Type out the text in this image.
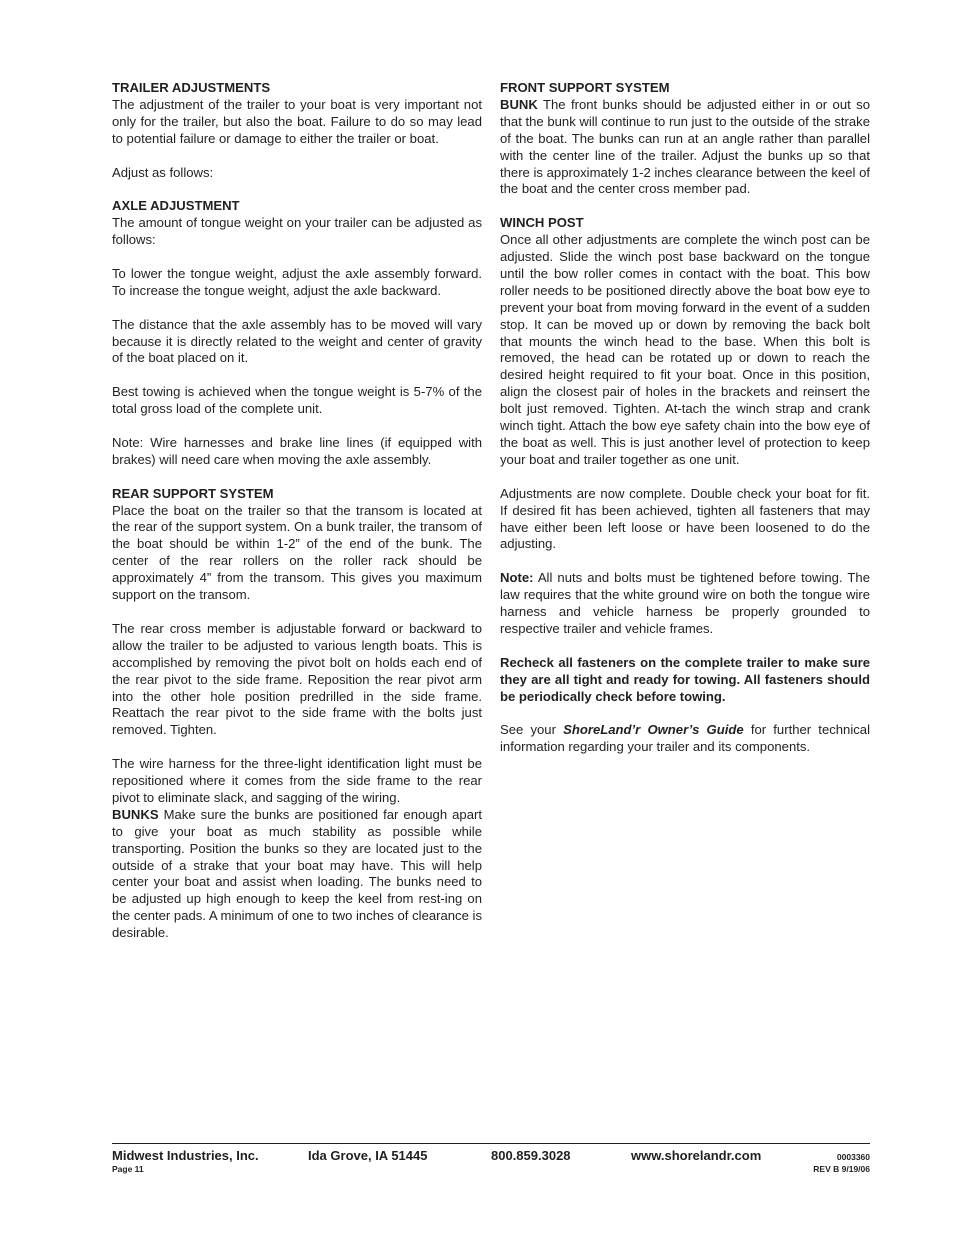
TRAILER ADJUSTMENTS

The adjustment of the trailer to your boat is very important not only for the trailer, but also the boat. Failure to do so may lead to potential failure or damage to either the trailer or boat.

Adjust as follows:

AXLE ADJUSTMENT

The amount of tongue weight on your trailer can be adjusted as follows:

To lower the tongue weight, adjust the axle assembly forward. To increase the tongue weight, adjust the axle backward.

The distance that the axle assembly has to be moved will vary because it is directly related to the weight and center of gravity of the boat placed on it.

Best towing is achieved when the tongue weight is 5-7% of the total gross load of the complete unit.

Note: Wire harnesses and brake line lines (if equipped with brakes) will need care when moving the axle assembly.

REAR SUPPORT SYSTEM

Place the boat on the trailer so that the transom is located at the rear of the support system. On a bunk trailer, the transom of the boat should be within 1-2” of the end of the bunk. The center of the rear rollers on the roller rack should be approximately 4” from the transom. This gives you maximum support on the transom.

The rear cross member is adjustable forward or backward to allow the trailer to be adjusted to various length boats. This is accomplished by removing the pivot bolt on holds each end of the rear pivot to the side frame. Reposition the rear pivot arm into the other hole position predrilled in the side frame. Reattach the rear pivot to the side frame with the bolts just removed. Tighten.

The wire harness for the three-light identification light must be repositioned where it comes from the side frame to the rear pivot to eliminate slack, and sagging of the wiring.

BUNKS Make sure the bunks are positioned far enough apart to give your boat as much stability as possible while transporting. Position the bunks so they are located just to the outside of a strake that your boat may have. This will help center your boat and assist when loading. The bunks need to be adjusted up high enough to keep the keel from rest-ing on the center pads. A minimum of one to two inches of clearance is desirable.

FRONT SUPPORT SYSTEM

BUNK The front bunks should be adjusted either in or out so that the bunk will continue to run just to the outside of the strake of the boat. The bunks can run at an angle rather than parallel with the center line of the trailer. Adjust the bunks up so that there is approximately 1-2 inches clearance between the keel of the boat and the center cross member pad.

WINCH POST

Once all other adjustments are complete the winch post can be adjusted. Slide the winch post base backward on the tongue until the bow roller comes in contact with the boat. This bow roller needs to be positioned directly above the boat bow eye to prevent your boat from moving forward in the event of a sudden stop. It can be moved up or down by removing the back bolt that mounts the winch head to the base. When this bolt is removed, the head can be rotated up or down to reach the desired height required to fit your boat. Once in this position, align the closest pair of holes in the brackets and reinsert the bolt just removed. Tighten. At-tach the winch strap and crank winch tight. Attach the bow eye safety chain into the bow eye of the boat as well. This is just another level of protection to keep your boat and trailer together as one unit.

Adjustments are now complete. Double check your boat for fit. If desired fit has been achieved, tighten all fasteners that may have either been left loose or have been loosened to do the adjusting.

Note: All nuts and bolts must be tightened before towing. The law requires that the white ground wire on both the tongue wire harness and vehicle harness be properly grounded to respective trailer and vehicle frames.

Recheck all fasteners on the complete trailer to make sure they are all tight and ready for towing. All fasteners should be periodically check before towing.

See your ShoreLand’r Owner’s Guide for further technical information regarding your trailer and its components.

Midwest Industries, Inc.	Ida Grove, IA 51445	800.859.3028	www.shorelandr.com
Page 11
0003360
REV B 9/19/06
